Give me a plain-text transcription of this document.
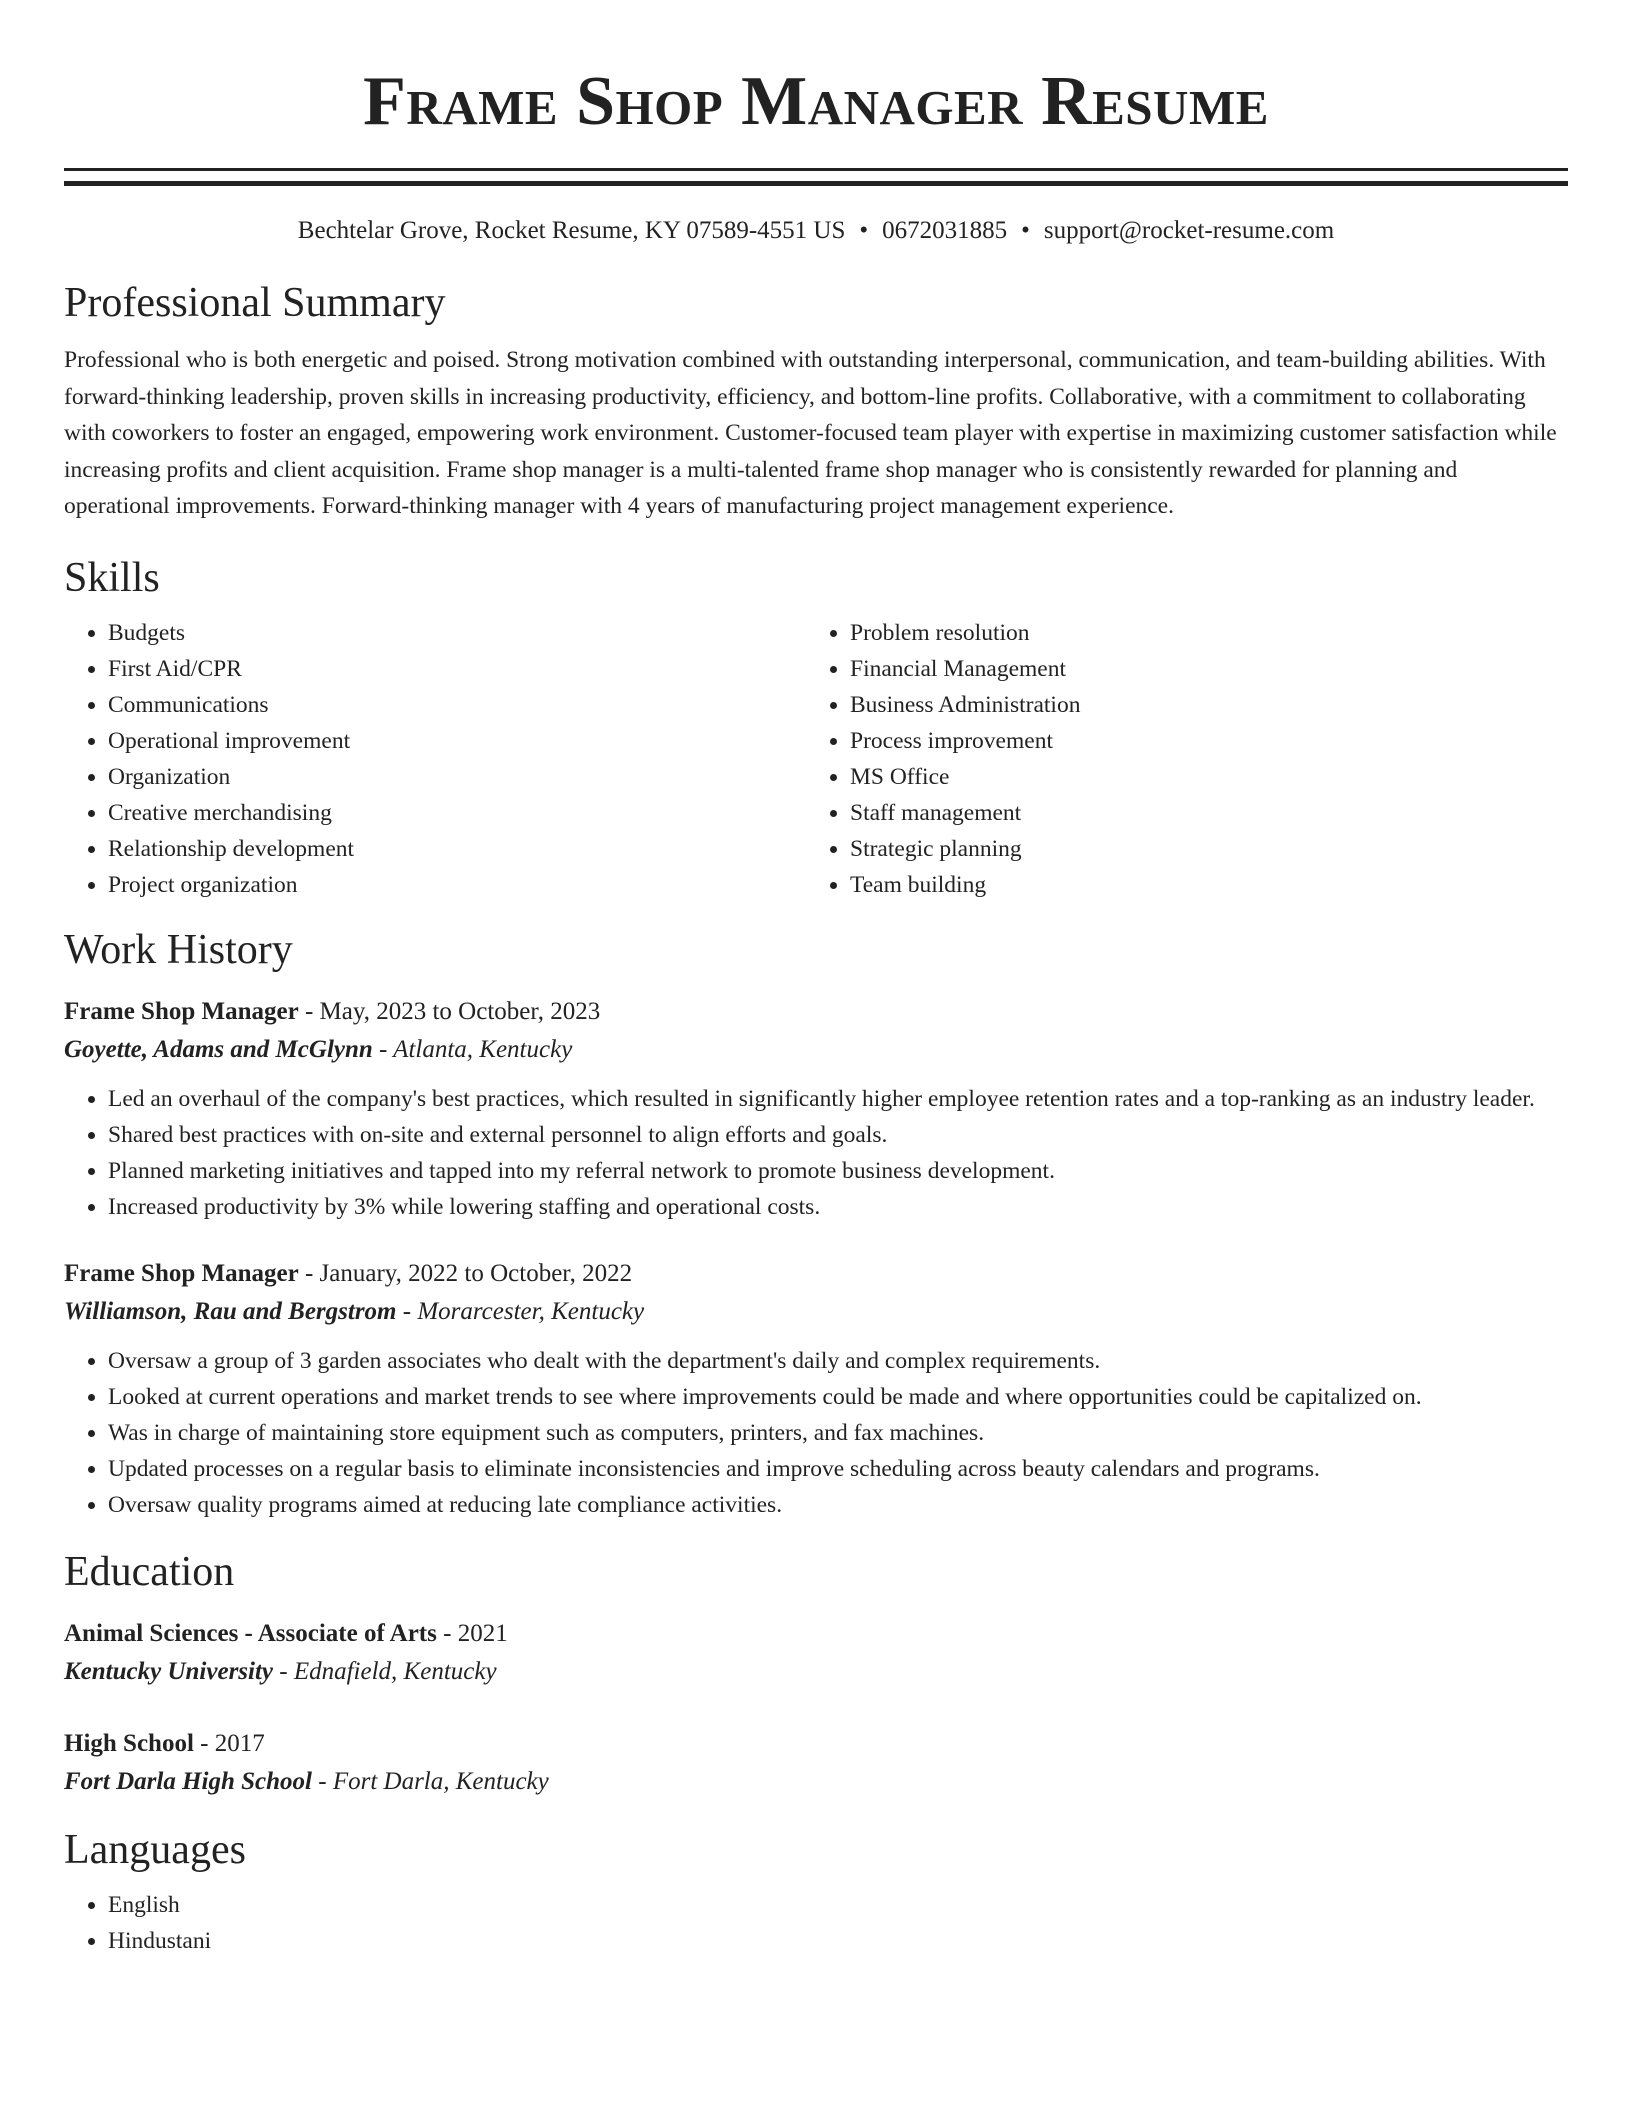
Frame Shop Manager Resume
Bechtelar Grove, Rocket Resume, KY 07589-4551 US • 0672031885 • support@rocket-resume.com
Professional Summary

Professional who is both energetic and poised. Strong motivation combined with outstanding interpersonal, communication, and team-building abilities. With forward-thinking leadership, proven skills in increasing productivity, efficiency, and bottom-line profits. Collaborative, with a commitment to collaborating with coworkers to foster an engaged, empowering work environment. Customer-focused team player with expertise in maximizing customer satisfaction while increasing profits and client acquisition. Frame shop manager is a multi-talented frame shop manager who is consistently rewarded for planning and operational improvements. Forward-thinking manager with 4 years of manufacturing project management experience.

Skills
• Budgets
• First Aid/CPR
• Communications
• Operational improvement
• Organization
• Creative merchandising
• Relationship development
• Project organization
• Problem resolution
• Financial Management
• Business Administration
• Process improvement
• MS Office
• Staff management
• Strategic planning
• Team building
Work History
Frame Shop Manager - May, 2023 to October, 2023
Goyette, Adams and McGlynn - Atlanta, Kentucky
• Led an overhaul of the company's best practices, which resulted in significantly higher employee retention rates and a top-ranking as an industry leader.
• Shared best practices with on-site and external personnel to align efforts and goals.
• Planned marketing initiatives and tapped into my referral network to promote business development.
• Increased productivity by 3% while lowering staffing and operational costs.
Frame Shop Manager - January, 2022 to October, 2022
Williamson, Rau and Bergstrom - Morarcester, Kentucky
• Oversaw a group of 3 garden associates who dealt with the department's daily and complex requirements.
• Looked at current operations and market trends to see where improvements could be made and where opportunities could be capitalized on.
• Was in charge of maintaining store equipment such as computers, printers, and fax machines.
• Updated processes on a regular basis to eliminate inconsistencies and improve scheduling across beauty calendars and programs.
• Oversaw quality programs aimed at reducing late compliance activities.
Education
Animal Sciences - Associate of Arts - 2021
Kentucky University - Ednafield, Kentucky
High School - 2017
Fort Darla High School - Fort Darla, Kentucky
Languages
• English
• Hindustani
